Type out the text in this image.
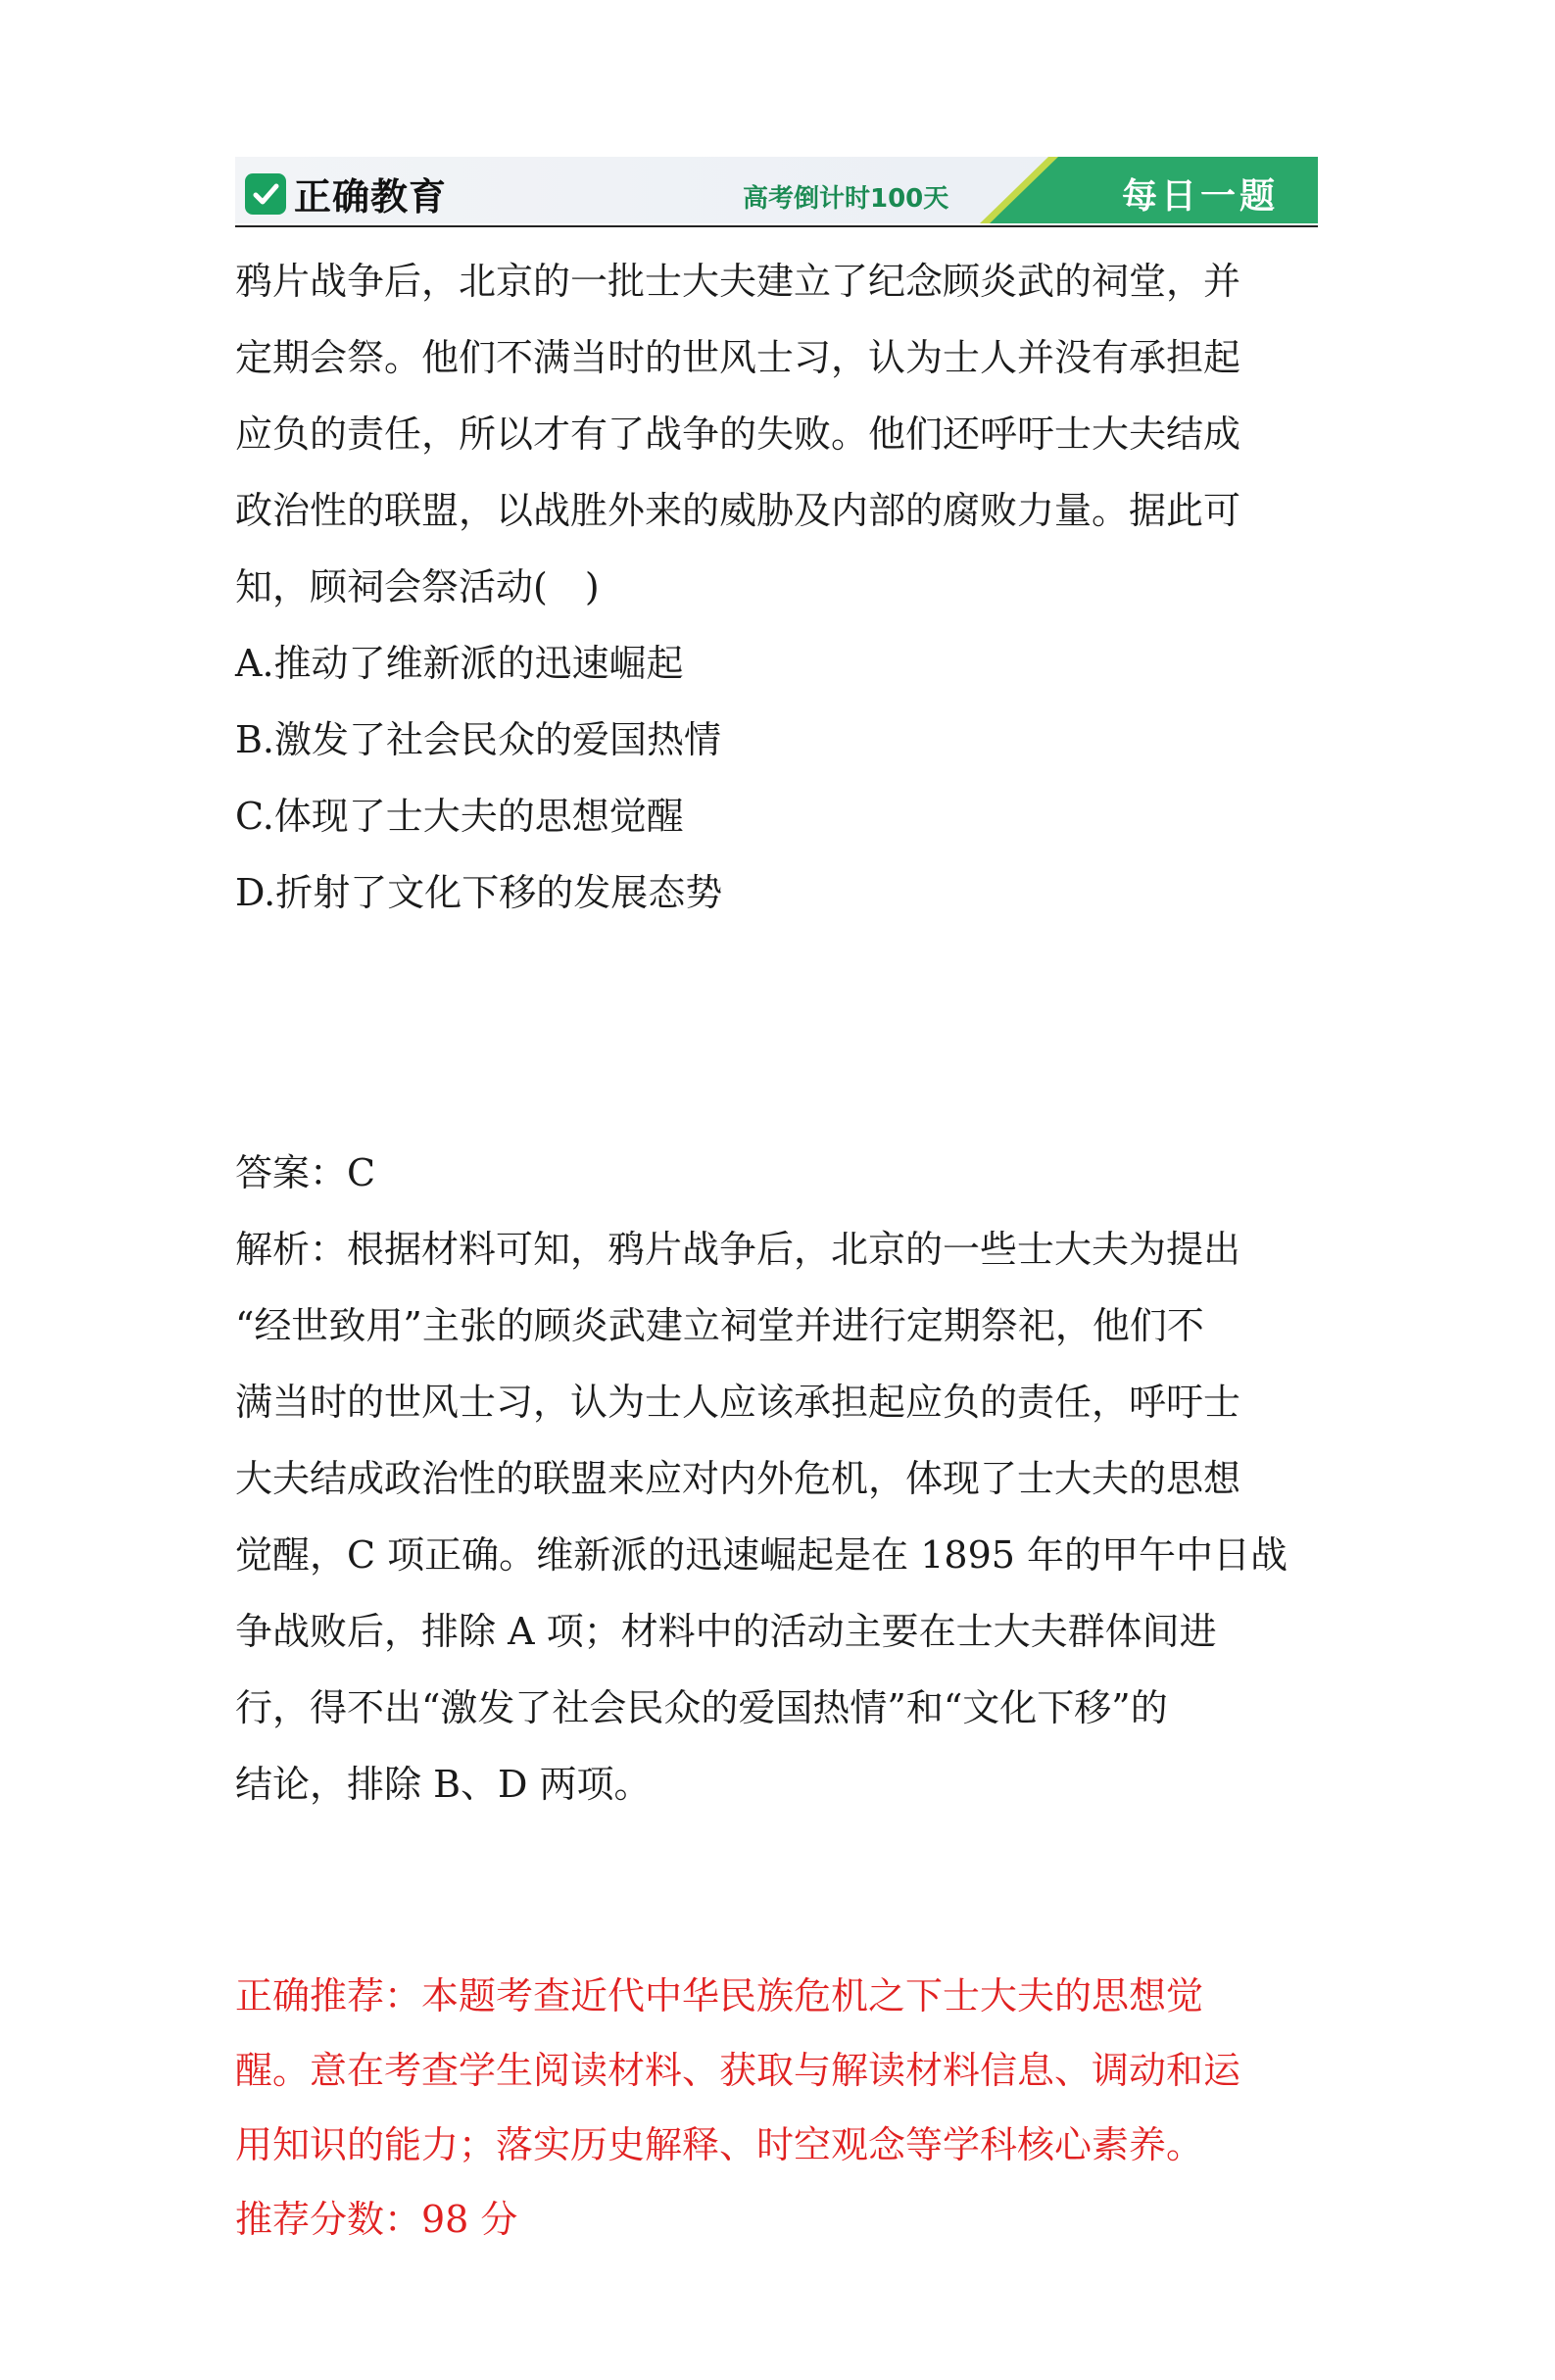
正确教育	高考倒计时100天	每日一题
鸦片战争后，北京的一批士大夫建立了纪念顾炎武的祠堂，并
定期会祭。他们不满当时的世风士习，认为士人并没有承担起
应负的责任，所以才有了战争的失败。他们还呼吁士大夫结成
政治性的联盟，以战胜外来的威胁及内部的腐败力量。据此可
知，顾祠会祭活动(　)
A.推动了维新派的迅速崛起
B.激发了社会民众的爱国热情
C.体现了士大夫的思想觉醒
D.折射了文化下移的发展态势
答案：C
解析：根据材料可知，鸦片战争后，北京的一些士大夫为提出
“经世致用”主张的顾炎武建立祠堂并进行定期祭祀，他们不
满当时的世风士习，认为士人应该承担起应负的责任，呼吁士
大夫结成政治性的联盟来应对内外危机，体现了士大夫的思想
觉醒，C 项正确。维新派的迅速崛起是在 1895 年的甲午中日战
争战败后，排除 A 项；材料中的活动主要在士大夫群体间进
行，得不出“激发了社会民众的爱国热情”和“文化下移”的
结论，排除 B、D 两项。
正确推荐：本题考查近代中华民族危机之下士大夫的思想觉
醒。意在考查学生阅读材料、获取与解读材料信息、调动和运
用知识的能力；落实历史解释、时空观念等学科核心素养。
推荐分数：98 分
